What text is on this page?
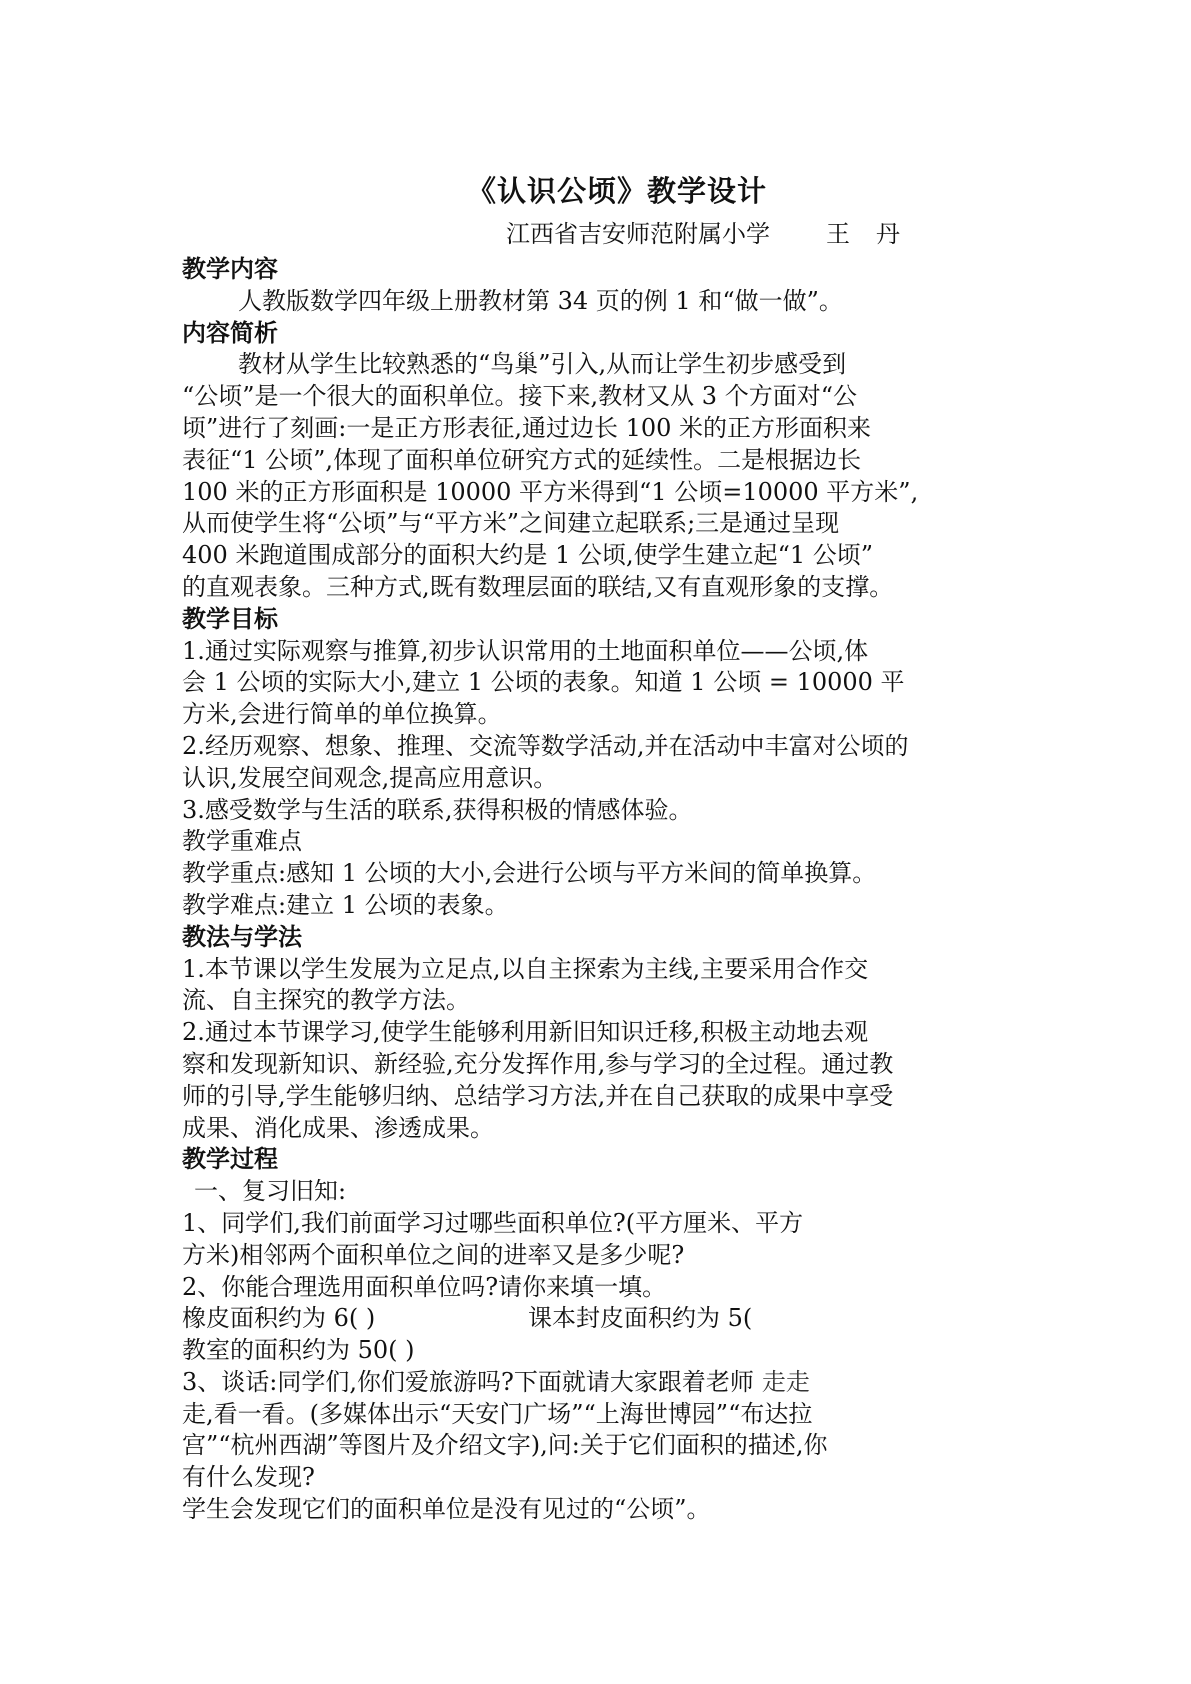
《认识公顷》教学设计
江西省吉安师范附属小学 王丹
教学内容
人教版数学四年级上册教材第 34 页的例 1 和“做一做”。
内容简析
教材从学生比较熟悉的“鸟巢”引入,从而让学生初步感受到
“公顷”是一个很大的面积单位。接下来,教材又从 3 个方面对“公
顷”进行了刻画:一是正方形表征,通过边长 100 米的正方形面积来
表征“1 公顷”,体现了面积单位研究方式的延续性。二是根据边长
100 米的正方形面积是 10000 平方米得到“1 公顷=10000 平方米”,
从而使学生将“公顷”与“平方米”之间建立起联系;三是通过呈现
400 米跑道围成部分的面积大约是 1 公顷,使学生建立起“1 公顷”
的直观表象。三种方式,既有数理层面的联结,又有直观形象的支撑。
教学目标
1.通过实际观察与推算,初步认识常用的土地面积单位——公顷,体
会 1 公顷的实际大小,建立 1 公顷的表象。知道 1 公顷 = 10000 平
方米,会进行简单的单位换算。
2.经历观察、想象、推理、交流等数学活动,并在活动中丰富对公顷的
认识,发展空间观念,提高应用意识。
3.感受数学与生活的联系,获得积极的情感体验。
教学重难点
教学重点:感知 1 公顷的大小,会进行公顷与平方米间的简单换算。
教学难点:建立 1 公顷的表象。
教法与学法
1.本节课以学生发展为立足点,以自主探索为主线,主要采用合作交
流、自主探究的教学方法。
2.通过本节课学习,使学生能够利用新旧知识迁移,积极主动地去观
察和发现新知识、新经验,充分发挥作用,参与学习的全过程。通过教
师的引导,学生能够归纳、总结学习方法,并在自己获取的成果中享受
成果、消化成果、渗透成果。
教学过程
一、复习旧知:
1、同学们,我们前面学习过哪些面积单位?(平方厘米、平方
方米)相邻两个面积单位之间的进率又是多少呢?
2、你能合理选用面积单位吗?请你来填一填。
橡皮面积约为 6( )	课本封皮面积约为 5(
教室的面积约为 50( )
3、谈话:同学们,你们爱旅游吗?下面就请大家跟着老师 走走
走,看一看。(多媒体出示“天安门广场”“上海世博园”“布达拉
宫”“杭州西湖”等图片及介绍文字),问:关于它们面积的描述,你
有什么发现?
学生会发现它们的面积单位是没有见过的“公顷”。
